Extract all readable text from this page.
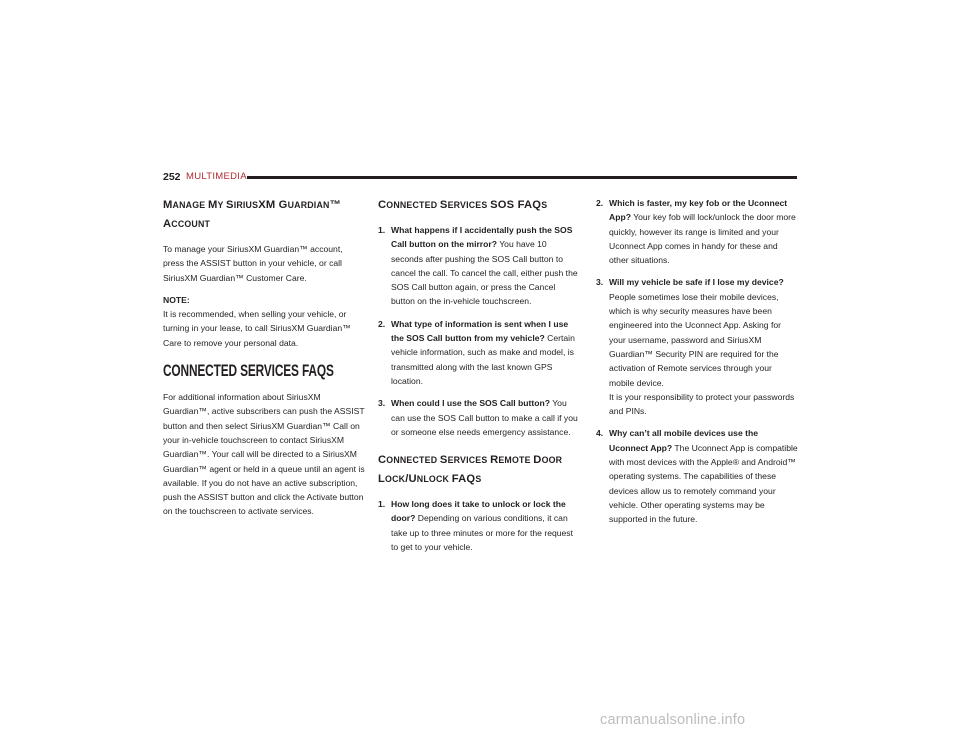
252 MULTIMEDIA
MANAGE MY SIRIUSXM GUARDIAN™
ACCOUNT

To manage your SiriusXM Guardian™ account, press the ASSIST button in your vehicle, or call SiriusXM Guardian™ Customer Care.

NOTE:

It is recommended, when selling your vehicle, or turning in your lease, to call SiriusXM Guardian™ Care to remove your personal data.

CONNECTED SERVICES FAQS

For additional information about SiriusXM Guardian™, active subscribers can push the ASSIST button and then select SiriusXM Guardian™ Call on your in-vehicle touchscreen to contact SiriusXM Guardian™. Your call will be directed to a SiriusXM Guardian™ agent or held in a queue until an agent is available. If you do not have an active subscription, push the ASSIST button and click the Activate button on the touchscreen to activate services.

CONNECTED SERVICES SOS FAQS
1. What happens if I accidentally push the SOS Call button on the mirror? You have 10 seconds after pushing the SOS Call button to cancel the call. To cancel the call, either push the SOS Call button again, or press the Cancel button on the in-vehicle touchscreen.
2. What type of information is sent when I use the SOS Call button from my vehicle? Certain vehicle information, such as make and model, is transmitted along with the last known GPS location.
3. When could I use the SOS Call button? You can use the SOS Call button to make a call if you or someone else needs emergency assistance.
CONNECTED SERVICES REMOTE DOOR
LOCK/UNLOCK FAQS
1. How long does it take to unlock or lock the door? Depending on various conditions, it can take up to three minutes or more for the request to get to your vehicle.
2. Which is faster, my key fob or the Uconnect App? Your key fob will lock/unlock the door more quickly, however its range is limited and your Uconnect App comes in handy for these and other situations.
3. Will my vehicle be safe if I lose my device? People sometimes lose their mobile devices, which is why security measures have been engineered into the Uconnect App. Asking for your username, password and SiriusXM Guardian™ Security PIN are required for the activation of Remote services through your mobile device.
It is your responsibility to protect your passwords and PINs.
4. Why can’t all mobile devices use the Uconnect App? The Uconnect App is compatible with most devices with the Apple® and Android™ operating systems. The capabilities of these devices allow us to remotely command your vehicle. Other operating systems may be supported in the future.
carmanualsonline.info
